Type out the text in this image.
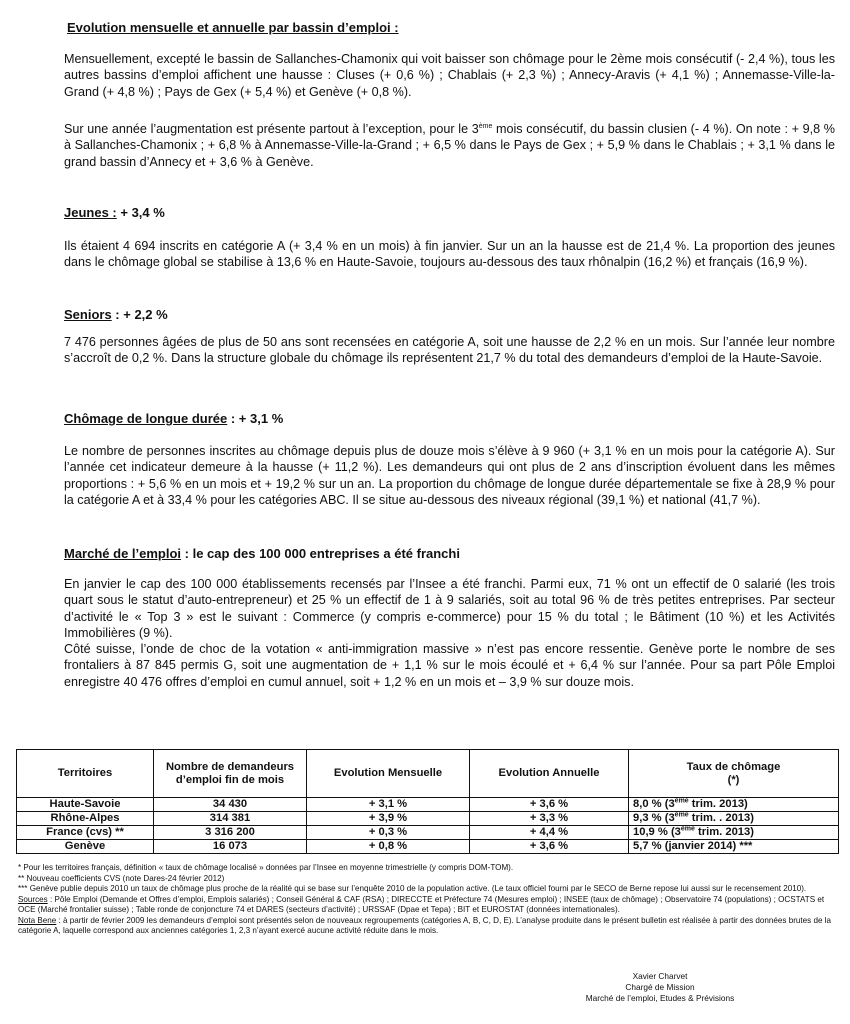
Evolution mensuelle et annuelle par bassin d’emploi :
Mensuellement, excepté le bassin de Sallanches-Chamonix qui voit baisser son chômage pour le 2ème mois consécutif (- 2,4 %), tous les autres bassins d’emploi affichent une hausse : Cluses (+ 0,6 %) ; Chablais (+ 2,3 %) ; Annecy-Aravis (+ 4,1 %) ; Annemasse-Ville-la-Grand (+ 4,8 %) ; Pays de Gex (+ 5,4 %) et Genève (+ 0,8 %).
Sur une année l’augmentation est présente partout à l’exception, pour le 3ème mois consécutif, du bassin clusien (- 4 %). On note : + 9,8 % à Sallanches-Chamonix ; + 6,8 % à Annemasse-Ville-la-Grand ; + 6,5 % dans le Pays de Gex ; + 5,9 % dans le Chablais ; + 3,1 % dans le grand bassin d’Annecy et + 3,6 % à Genève.
Jeunes : + 3,4 %
Ils étaient 4 694 inscrits en catégorie A (+ 3,4 % en un mois) à fin janvier. Sur un an la hausse est de 21,4 %. La proportion des jeunes dans le chômage global se stabilise à 13,6 % en Haute-Savoie, toujours au-dessous des taux rhônalpin (16,2 %) et français (16,9 %).
Seniors : + 2,2 %
7 476 personnes âgées de plus de 50 ans sont recensées en catégorie A, soit une hausse de 2,2 % en un mois. Sur l’année leur nombre s’accroît de 0,2 %. Dans la structure globale du chômage ils représentent 21,7 % du total des demandeurs d’emploi de la Haute-Savoie.
Chômage de longue durée : + 3,1 %
Le nombre de personnes inscrites au chômage depuis plus de douze mois s’élève à 9 960 (+ 3,1 % en un mois pour la catégorie A). Sur l’année cet indicateur demeure à la hausse (+ 11,2 %). Les demandeurs qui ont plus de 2 ans d’inscription évoluent dans les mêmes proportions : + 5,6 % en un mois et + 19,2 % sur un an. La proportion du chômage de longue durée départementale se fixe à 28,9 % pour la catégorie A et à 33,4 % pour les catégories ABC. Il se situe au-dessous des niveaux régional (39,1 %) et national (41,7 %).
Marché de l’emploi : le cap des 100 000 entreprises a été franchi
En janvier le cap des 100 000 établissements recensés par l’Insee a été franchi. Parmi eux, 71 % ont un effectif de 0 salarié (les trois quart sous le statut d’auto-entrepreneur) et 25 % un effectif de 1 à 9 salariés, soit au total 96 % de très petites entreprises. Par secteur d’activité le « Top 3 » est le suivant : Commerce (y compris e-commerce) pour 15 % du total ; le Bâtiment (10 %) et les Activités Immobilières (9 %).
Côté suisse, l’onde de choc de la votation « anti-immigration massive » n’est pas encore ressentie. Genève porte le nombre de ses frontaliers à 87 845 permis G, soit une augmentation de + 1,1 % sur le mois écoulé et + 6,4 % sur l’année. Pour sa part Pôle Emploi enregistre 40 476 offres d’emploi en cumul annuel, soit + 1,2 % en un mois et – 3,9 % sur douze mois.
Territoires	Nombre de demandeurs d’emploi fin de mois	Evolution Mensuelle	Evolution Annuelle	Taux de chômage
(*)
Haute-Savoie	34 430	+ 3,1 %	+ 3,6 %	8,0 % (3ème trim. 2013)
Rhône-Alpes	314 381	+ 3,9 %	+ 3,3 %	9,3 % (3ème trim. . 2013)
France (cvs) **	3 316 200	+ 0,3 %	+ 4,4 %	10,9 % (3ème trim. 2013)
Genève	16 073	+ 0,8 %	+ 3,6 %	5,7 % (janvier 2014) ***

* Pour les territoires français, définition « taux de chômage localisé » données par l’Insee en moyenne trimestrielle (y compris DOM-TOM).

** Nouveau coefficients CVS (note Dares-24 février 2012)

*** Genève publie depuis 2010 un taux de chômage plus proche de la réalité qui se base sur l’enquête 2010 de la population active. (Le taux officiel fourni par le SECO de Berne repose lui aussi sur le recensement 2010).

Sources : Pôle Emploi (Demande et Offres d’emploi, Emplois salariés) ; Conseil Général & CAF (RSA) ; DIRECCTE et Préfecture 74 (Mesures emploi) ; INSEE (taux de chômage) ; Observatoire 74 (populations) ; OCSTATS et OCE (Marché frontalier suisse) ; Table ronde de conjoncture 74 et DARES (secteurs d’activité) ; URSSAF (Dpae et Tepa) ; BIT et EUROSTAT (données internationales).

Nota Bene : à partir de février 2009 les demandeurs d’emploi sont présentés selon de nouveaux regroupements (catégories A, B, C, D, E). L’analyse produite dans le présent bulletin est réalisée à partir des données brutes de la catégorie A, laquelle correspond aux anciennes catégories 1, 2,3 n’ayant exercé aucune activité réduite dans le mois.

Xavier Charvet
Chargé de Mission
Marché de l’emploi, Etudes & Prévisions
